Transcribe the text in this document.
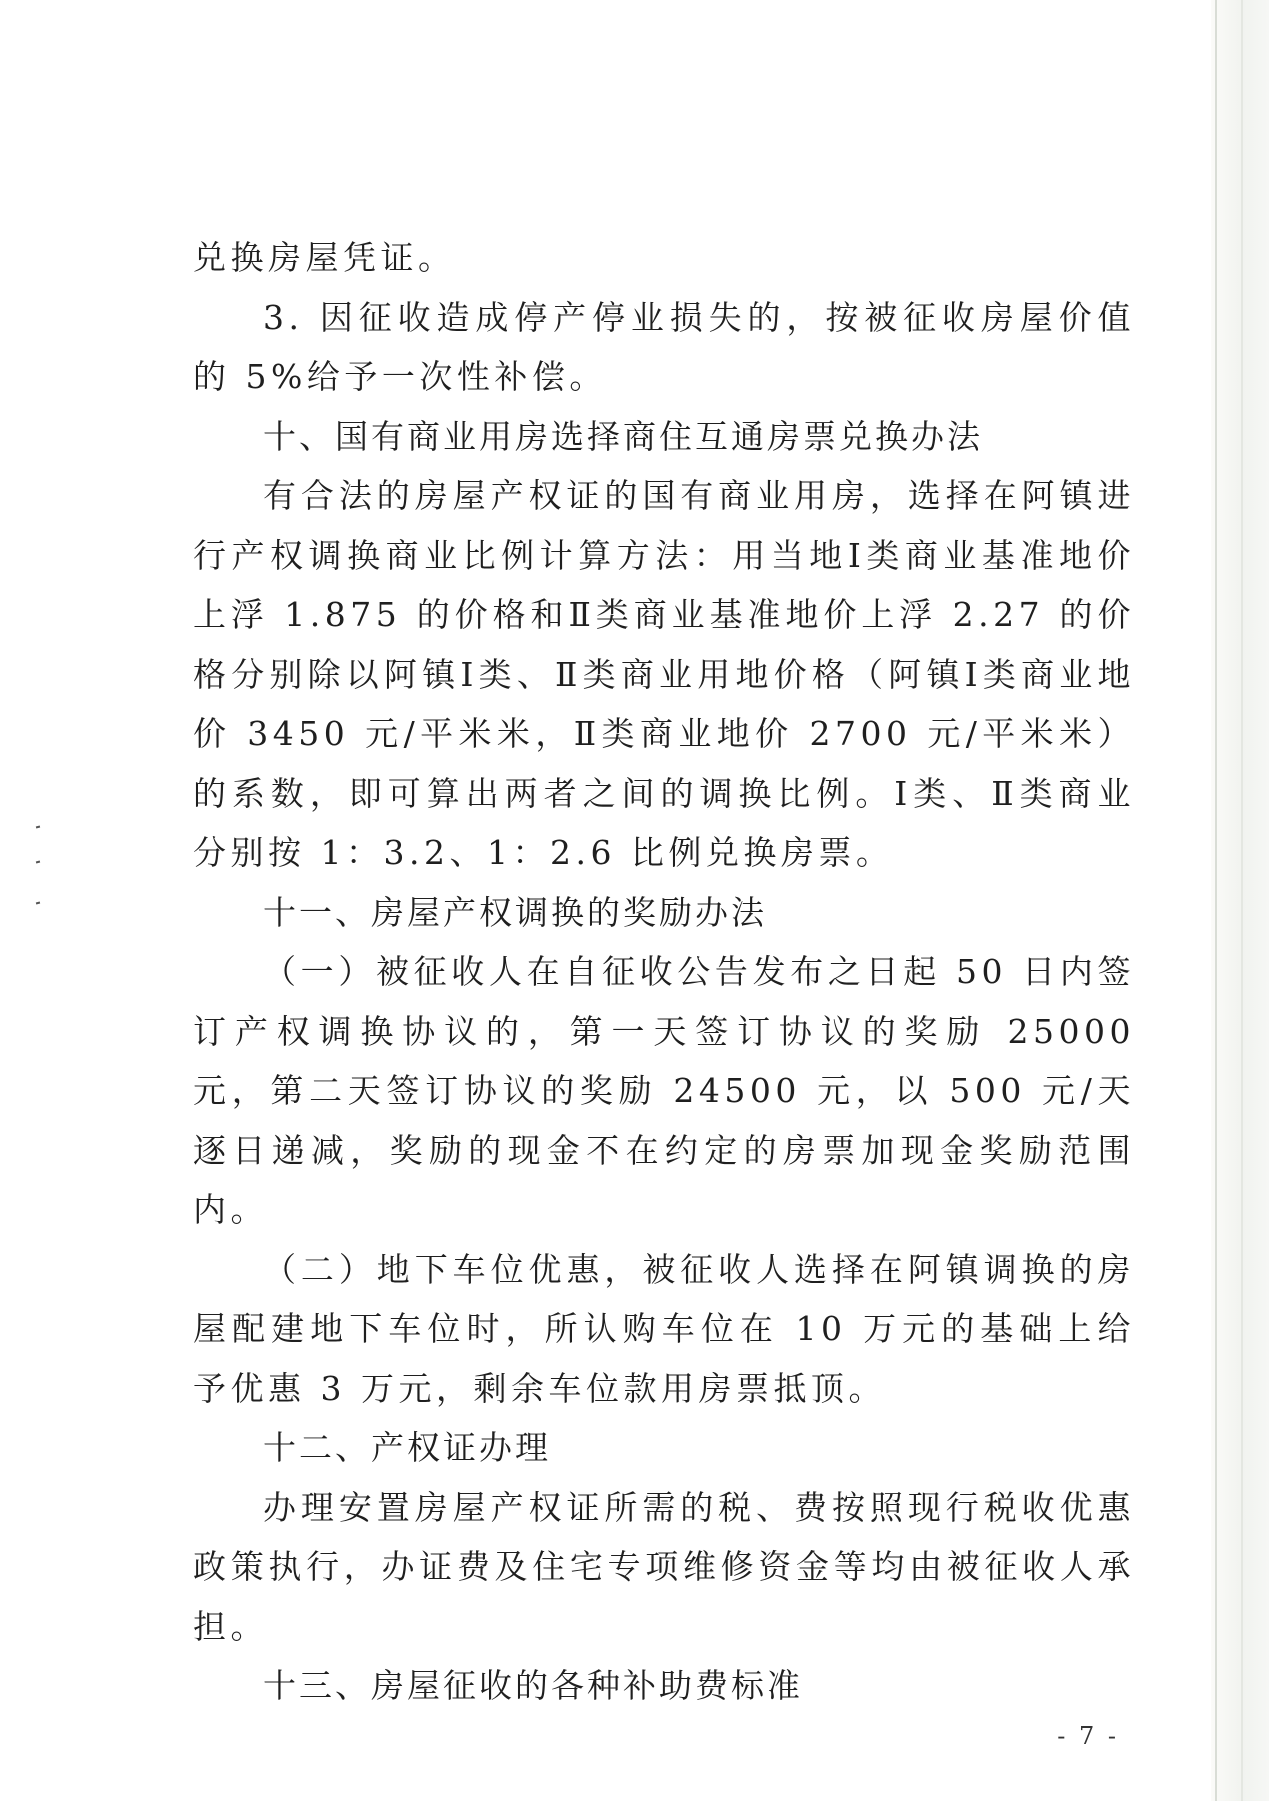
兑换房屋凭证。

3. 因征收造成停产停业损失的，按被征收房屋价值的 5%给予一次性补偿。

十、国有商业用房选择商住互通房票兑换办法

有合法的房屋产权证的国有商业用房，选择在阿镇进行产权调换商业比例计算方法：用当地Ⅰ类商业基准地价上浮 1.875 的价格和Ⅱ类商业基准地价上浮 2.27 的价格分别除以阿镇Ⅰ类、Ⅱ类商业用地价格（阿镇Ⅰ类商业地价 3450 元/平米米，Ⅱ类商业地价 2700 元/平米米）的系数，即可算出两者之间的调换比例。Ⅰ类、Ⅱ类商业分别按 1：3.2、1：2.6 比例兑换房票。

十一、房屋产权调换的奖励办法

（一）被征收人在自征收公告发布之日起 50 日内签订产权调换协议的，第一天签订协议的奖励 25000 元，第二天签订协议的奖励 24500 元，以 500 元/天逐日递减，奖励的现金不在约定的房票加现金奖励范围内。

（二）地下车位优惠，被征收人选择在阿镇调换的房屋配建地下车位时，所认购车位在 10 万元的基础上给予优惠 3 万元，剩余车位款用房票抵顶。

十二、产权证办理

办理安置房屋产权证所需的税、费按照现行税收优惠政策执行，办证费及住宅专项维修资金等均由被征收人承担。

十三、房屋征收的各种补助费标准

- 7 -
